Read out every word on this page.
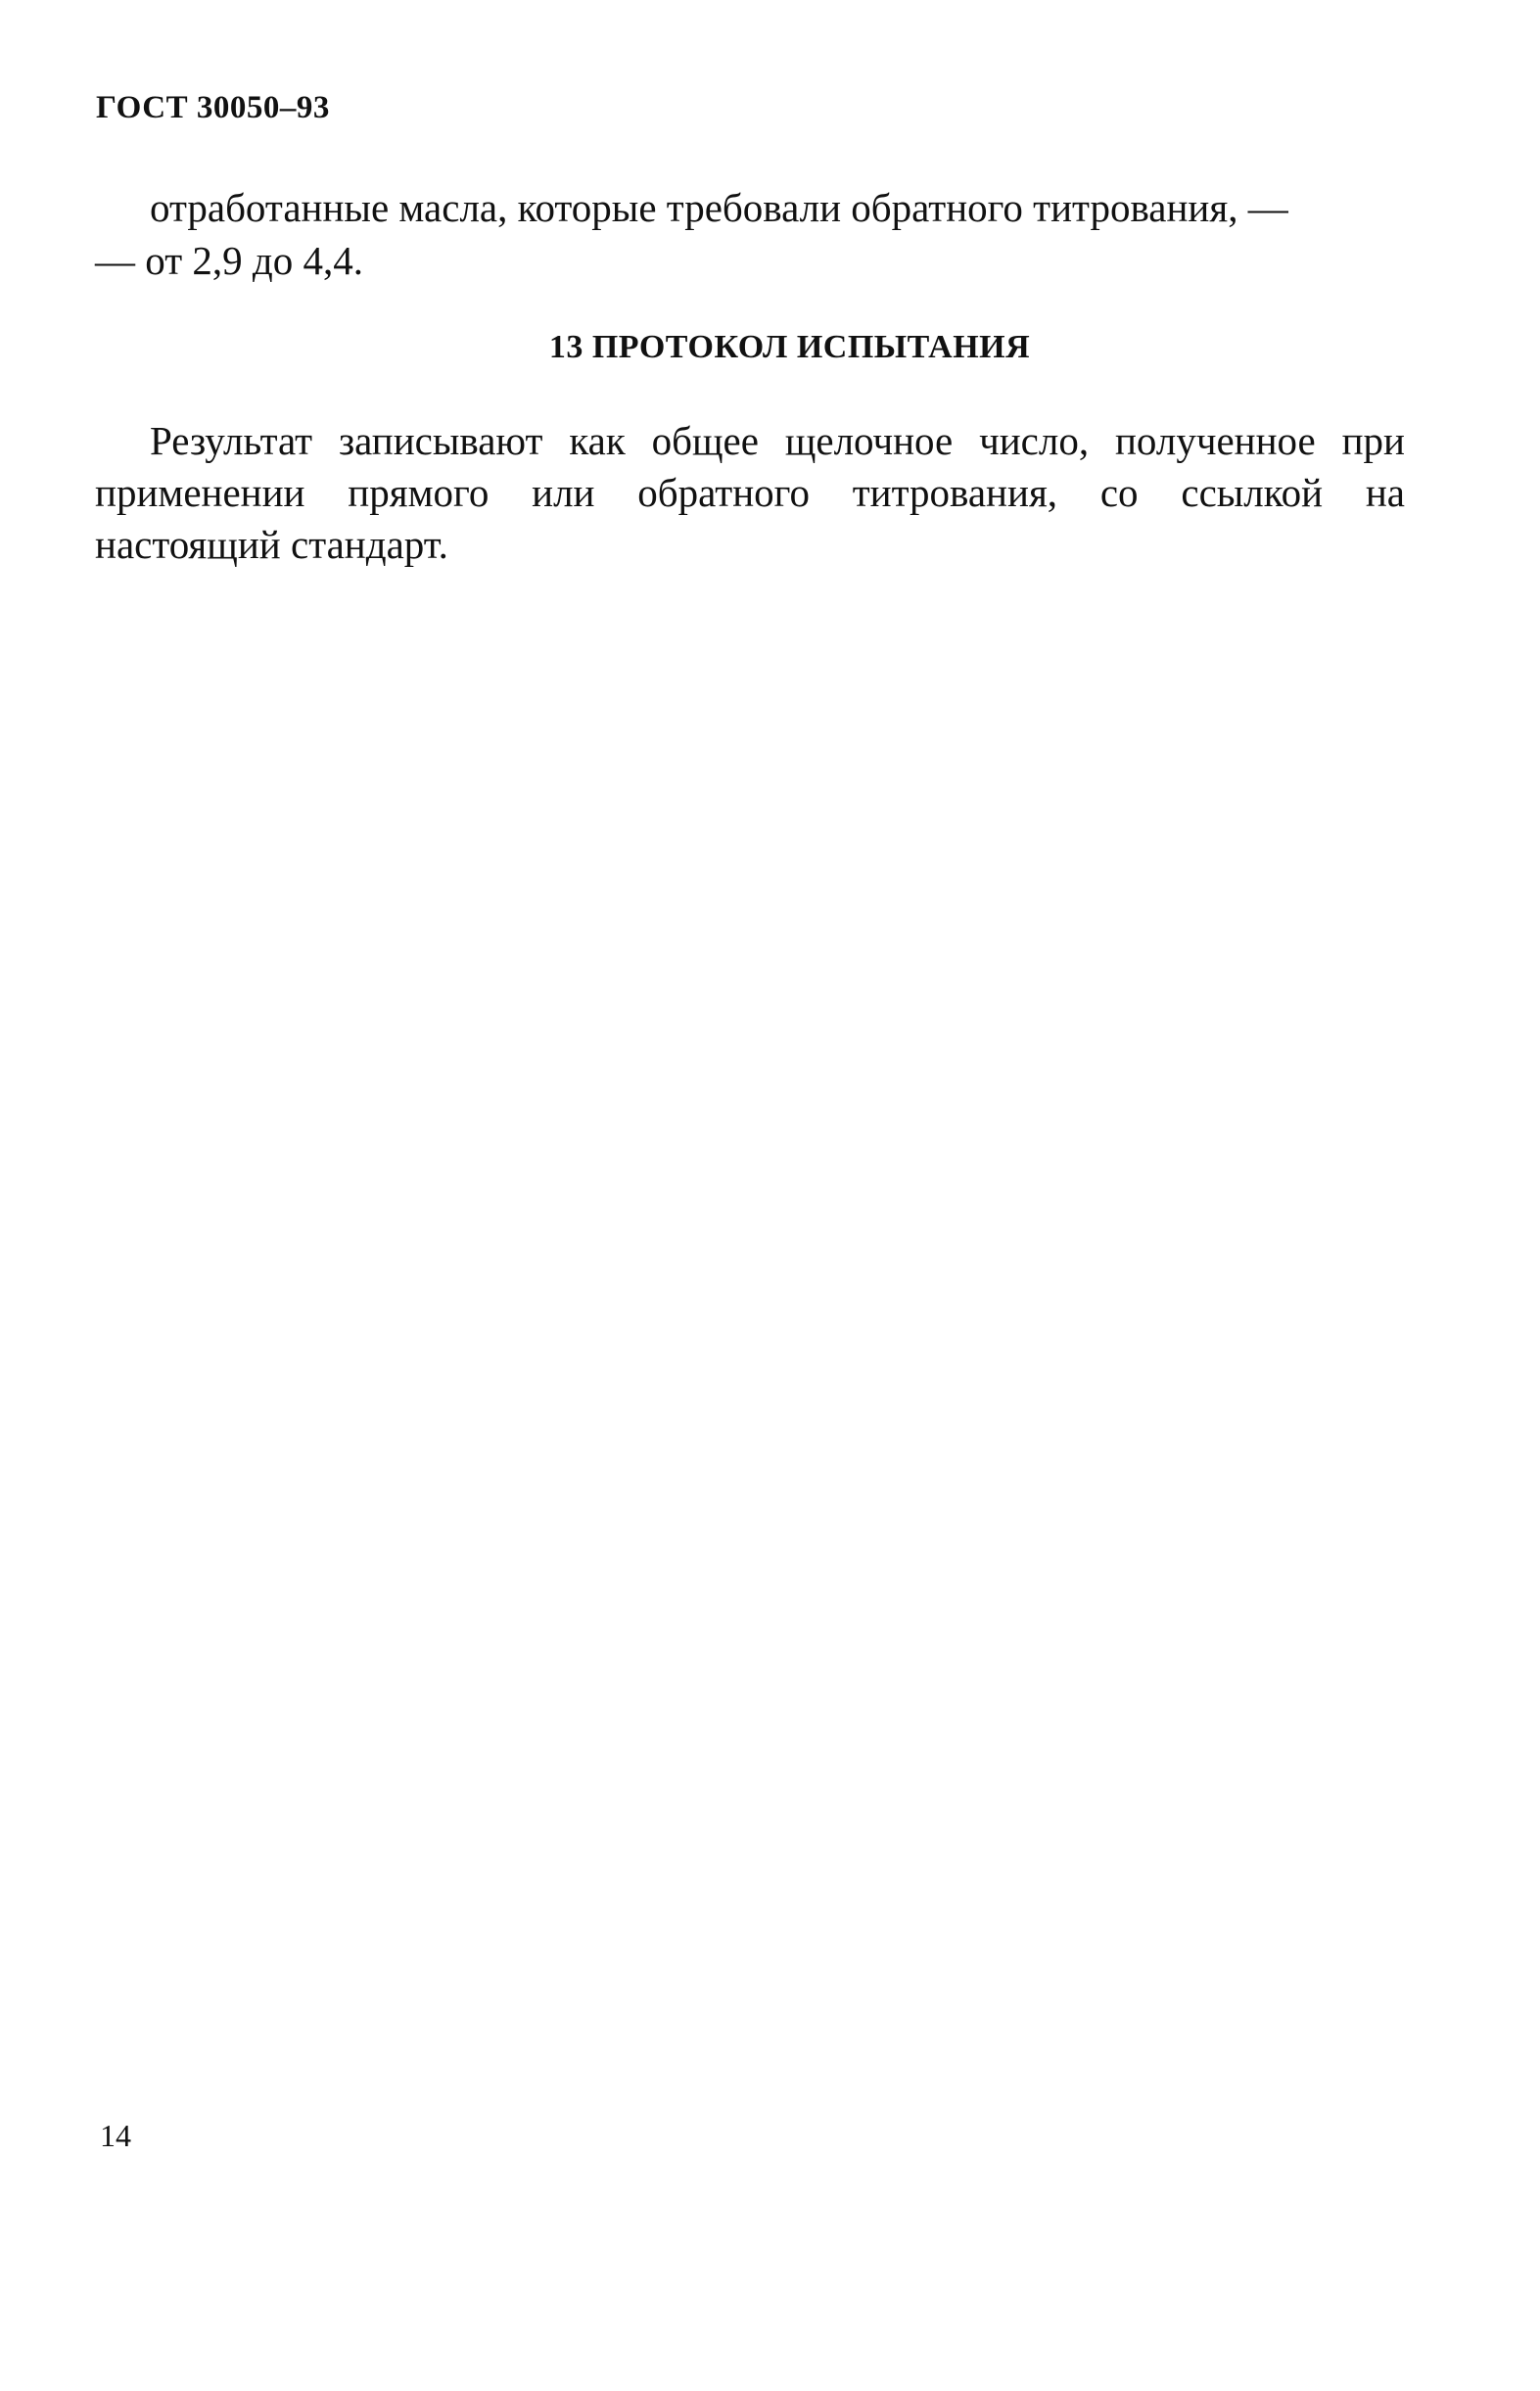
ГОСТ 30050–93
отработанные масла, которые требовали обратного титрования, —
— от 2,9 до 4,4.
13 ПРОТОКОЛ ИСПЫТАНИЯ
Результат записывают как общее щелочное число, полученное при
применении прямого или обратного титрования, со ссылкой на
настоящий стандарт.
14
